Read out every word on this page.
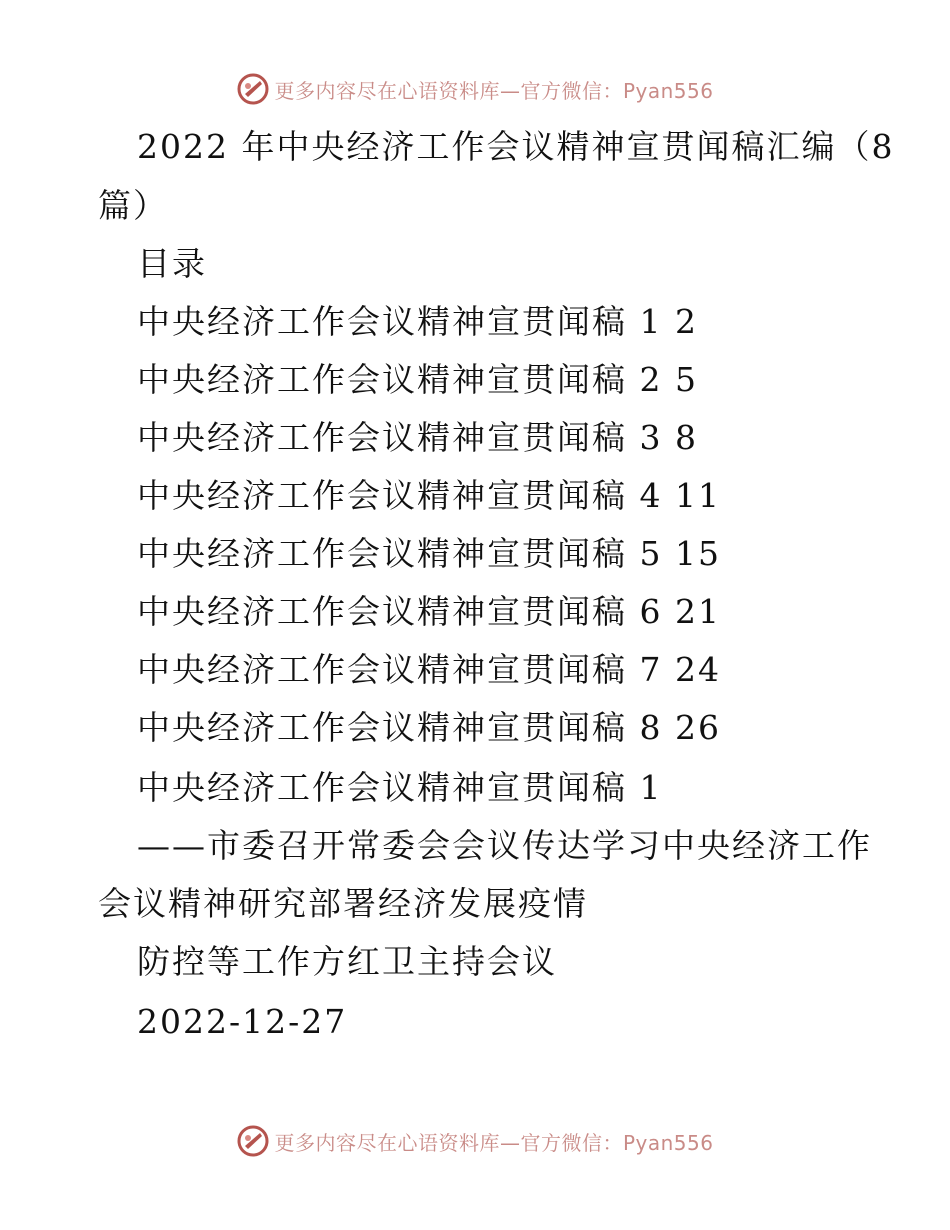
更多内容尽在心语资料库—官方微信：Pyan556
2022 年中央经济工作会议精神宣贯闻稿汇编（8
篇）
目录
中央经济工作会议精神宣贯闻稿 1 2
中央经济工作会议精神宣贯闻稿 2 5
中央经济工作会议精神宣贯闻稿 3 8
中央经济工作会议精神宣贯闻稿 4 11
中央经济工作会议精神宣贯闻稿 5 15
中央经济工作会议精神宣贯闻稿 6 21
中央经济工作会议精神宣贯闻稿 7 24
中央经济工作会议精神宣贯闻稿 8 26
中央经济工作会议精神宣贯闻稿 1
——市委召开常委会会议传达学习中央经济工作
会议精神研究部署经济发展疫情
防控等工作方红卫主持会议
2022-12-27
更多内容尽在心语资料库—官方微信：Pyan556
